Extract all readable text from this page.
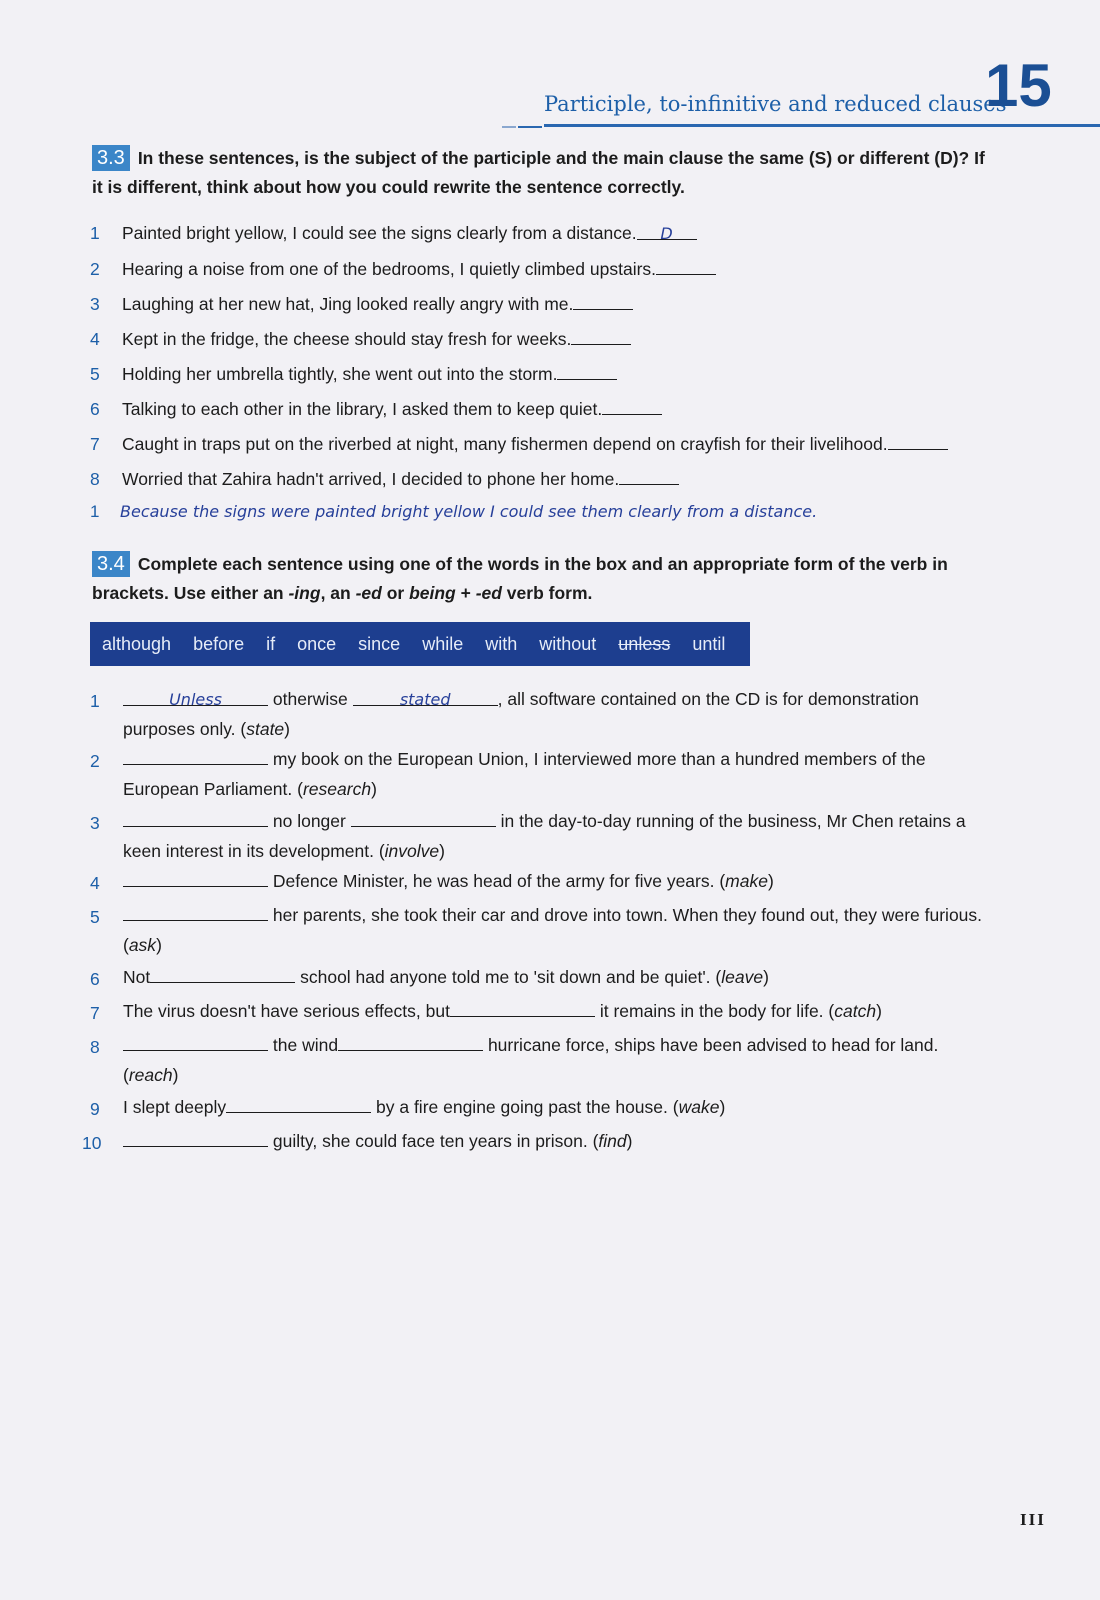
Participle, to-infinitive and reduced clauses
15
3.3 In these sentences, is the subject of the participle and the main clause the same (S) or different (D)? If it is different, think about how you could rewrite the sentence correctly.
1 Painted bright yellow, I could see the signs clearly from a distance. D
2 Hearing a noise from one of the bedrooms, I quietly climbed upstairs.
3 Laughing at her new hat, Jing looked really angry with me.
4 Kept in the fridge, the cheese should stay fresh for weeks.
5 Holding her umbrella tightly, she went out into the storm.
6 Talking to each other in the library, I asked them to keep quiet.
7 Caught in traps put on the riverbed at night, many fishermen depend on crayfish for their livelihood.
8 Worried that Zahira hadn't arrived, I decided to phone her home.
1 Because the signs were painted bright yellow I could see them clearly from a distance.
3.4 Complete each sentence using one of the words in the box and an appropriate form of the verb in brackets. Use either an -ing, an -ed or being + -ed verb form.
although before if once since while with without unless until
1	Unless	otherwise	stated	, all software contained on the CD is for demonstration purposes only. (state)
2	my book on the European Union, I interviewed more than a hundred members of the European Parliament. (research)
3	no longer	in the day-to-day running of the business, Mr Chen retains a keen interest in its development. (involve)
4	Defence Minister, he was head of the army for five years. (make)
5	her parents, she took their car and drove into town. When they found out, they were furious. (ask)
6 Not	school had anyone told me to 'sit down and be quiet'. (leave)
7 The virus doesn't have serious effects, but	it remains in the body for life. (catch)
8	the wind	hurricane force, ships have been advised to head for land. (reach)
9 I slept deeply	by a fire engine going past the house. (wake)
10	guilty, she could face ten years in prison. (find)
III
